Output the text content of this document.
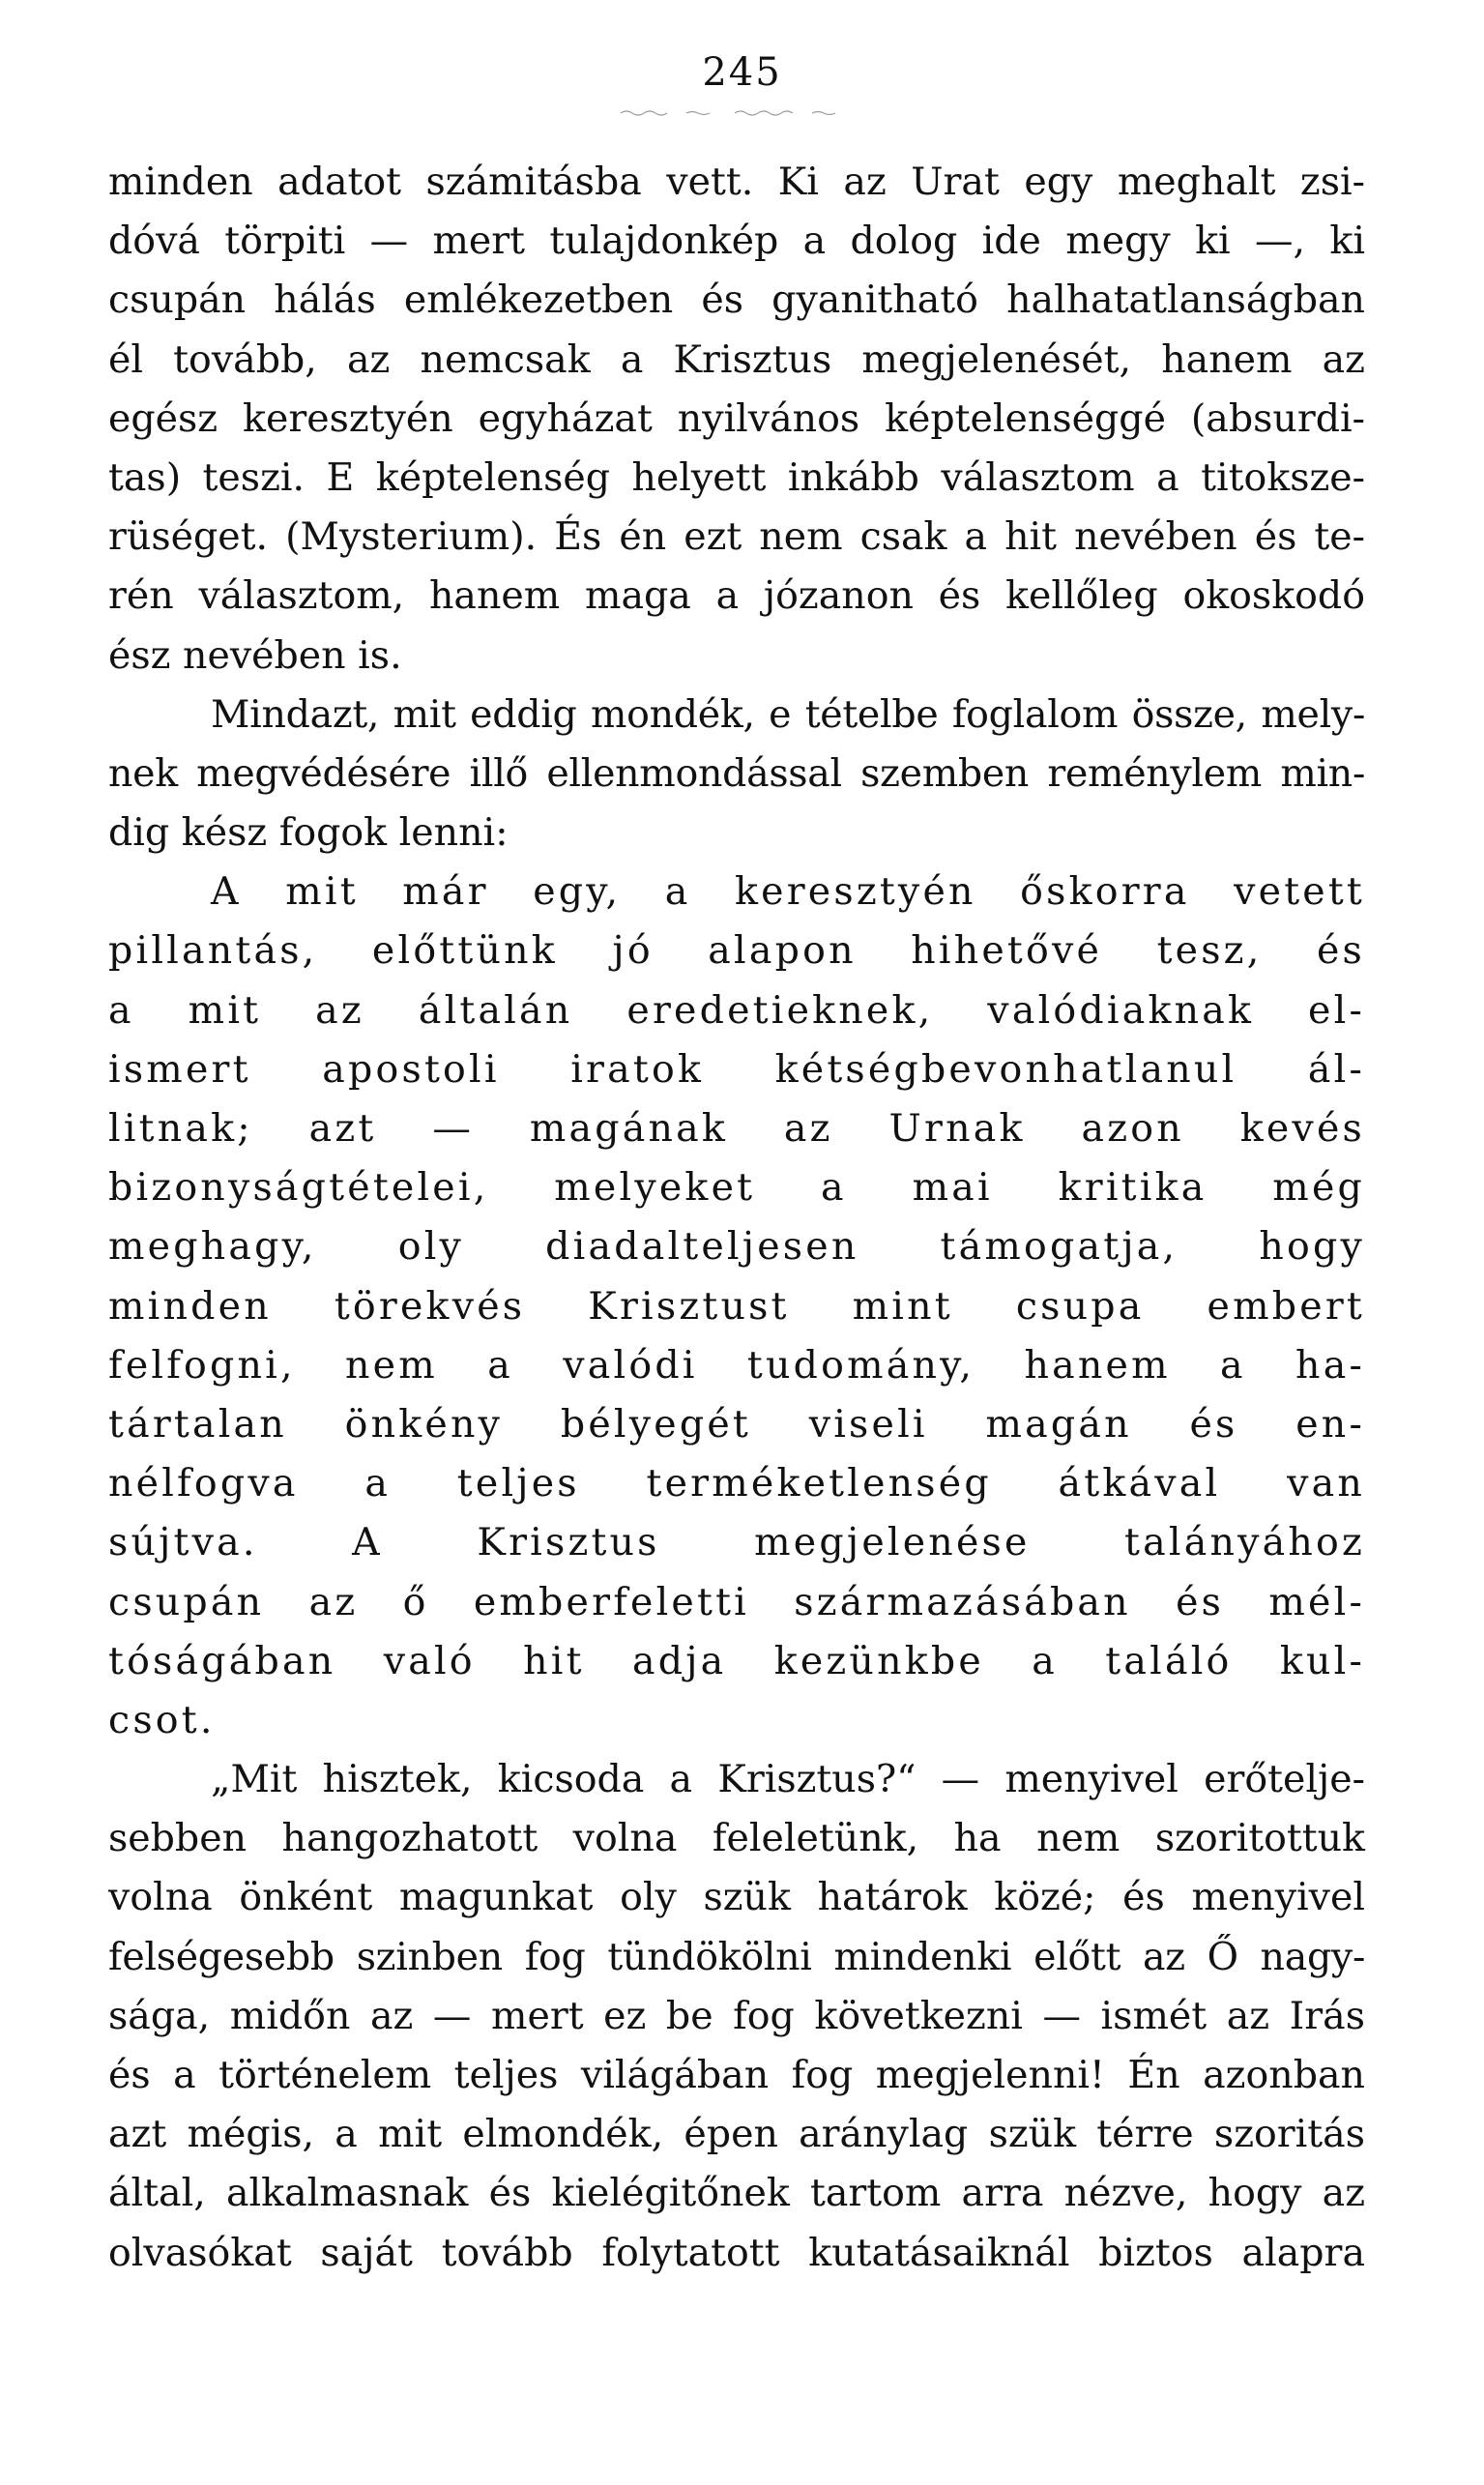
245
minden adatot számitásba vett. Ki az Urat egy meghalt zsi-
dóvá törpiti — mert tulajdonkép a dolog ide megy ki —, ki
csupán hálás emlékezetben és gyanitható halhatatlanságban
él tovább, az nemcsak a Krisztus megjelenését, hanem az
egész keresztyén egyházat nyilvános képtelenséggé (absurdi-
tas) teszi. E képtelenség helyett inkább választom a titoksze-
rüséget. (Mysterium). És én ezt nem csak a hit nevében és te-
rén választom, hanem maga a józanon és kellőleg okoskodó
ész nevében is.
Mindazt, mit eddig mondék, e tételbe foglalom össze, mely-
nek megvédésére illő ellenmondással szemben reménylem min-
dig kész fogok lenni:
A mit már egy, a keresztyén őskorra vetett
pillantás, előttünk jó alapon hihetővé tesz, és
a mit az általán eredetieknek, valódiaknak el-
ismert apostoli iratok kétségbevonhatlanul ál-
litnak; azt — magának az Urnak azon kevés
bizonyságtételei, melyeket a mai kritika még
meghagy, oly diadalteljesen támogatja, hogy
minden törekvés Krisztust mint csupa embert
felfogni, nem a valódi tudomány, hanem a ha-
tártalan önkény bélyegét viseli magán és en-
nélfogva a teljes terméketlenség átkával van
sújtva. A Krisztus megjelenése talányához
csupán az ő emberfeletti származásában és mél-
tóságában való hit adja kezünkbe a találó kul-
csot.
„Mit hisztek, kicsoda a Krisztus?“ — menyivel erőtelje-
sebben hangozhatott volna feleletünk, ha nem szoritottuk
volna önként magunkat oly szük határok közé; és menyivel
felségesebb szinben fog tündökölni mindenki előtt az Ő nagy-
sága, midőn az — mert ez be fog következni — ismét az Irás
és a történelem teljes világában fog megjelenni! Én azonban
azt mégis, a mit elmondék, épen aránylag szük térre szoritás
által, alkalmasnak és kielégitőnek tartom arra nézve, hogy az
olvasókat saját tovább folytatott kutatásaiknál biztos alapra
